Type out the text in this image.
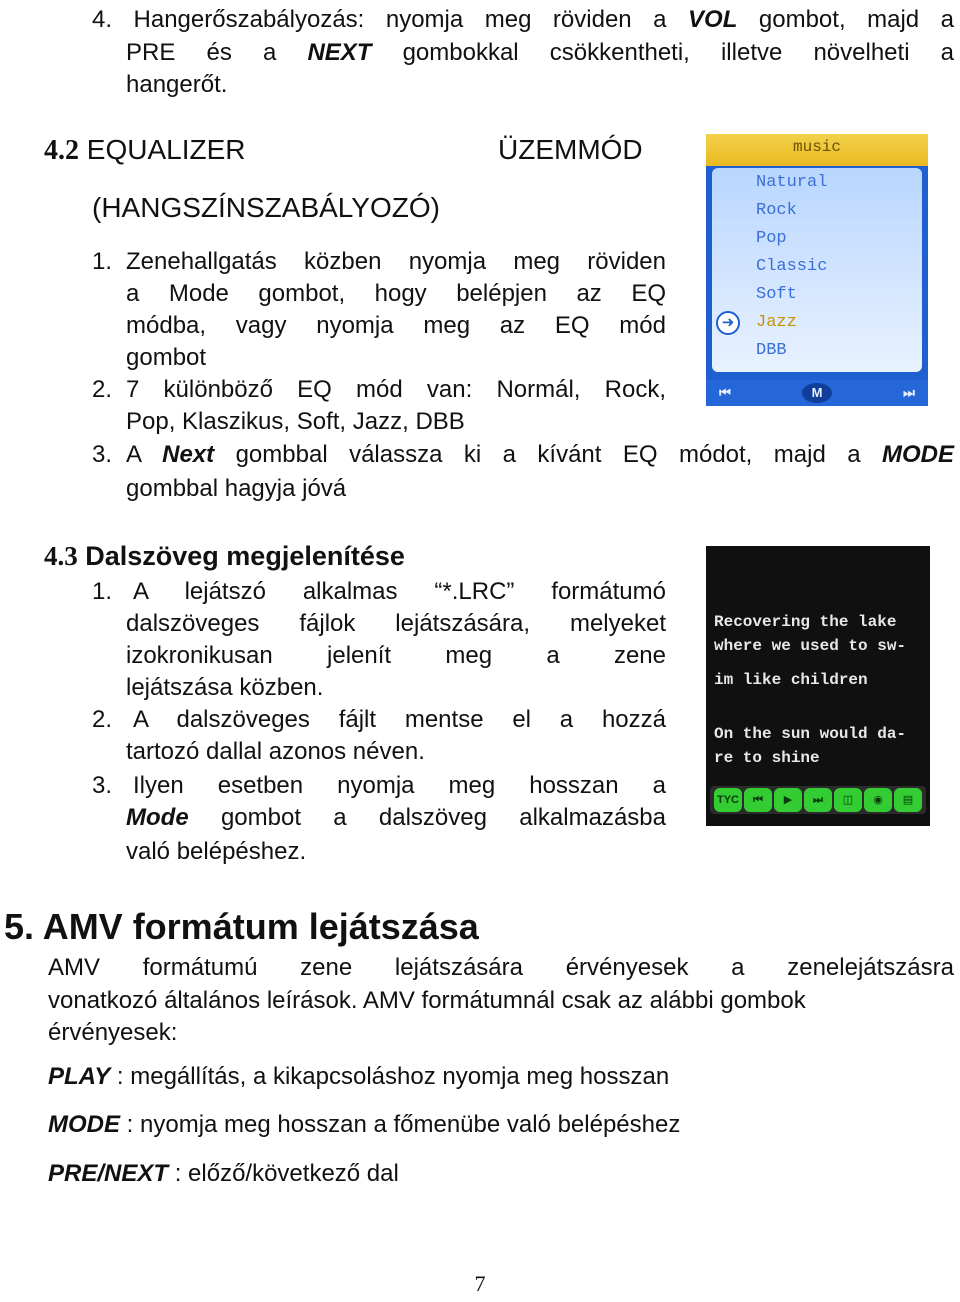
4. Hangerőszabályozás: nyomja meg röviden a VOL gombot, majd a
PRE és a NEXT gombokkal csökkentheti, illetve növelheti a
hangerőt.
4.2 EQUALIZER	ÜZEMMÓD
(HANGSZÍNSZABÁLYOZÓ)
1. Zenehallgatás közben nyomja meg röviden
a Mode gombot, hogy belépjen az EQ
módba, vagy nyomja meg az EQ mód
gombot
2. 7 különböző EQ mód van: Normál, Rock,
Pop, Klaszikus, Soft, Jazz, DBB
3. A Next gombbal válassza ki a kívánt EQ módot, majd a MODE
gombbal hagyja jóvá
music
Natural
Rock
Pop
Classic
Soft
➜	Jazz
DBB
⏮	M	⏭
4.3 Dalszöveg megjelenítése
1. A lejátszó alkalmas “*.LRC” formátumó
dalszöveges fájlok lejátszására, melyeket
izokronikusan jelenít meg a zene
lejátszása közben.
2. A dalszöveges fájlt mentse el a hozzá
tartozó dallal azonos néven.
3. Ilyen esetben nyomja meg hosszan a
Mode gombot a dalszöveg alkalmazásba
való belépéshez.
Recovering the lake
where we used to sw-
im like children
On the sun would da-
re to shine
TYC	⏮	▶	⏭	◫	◉	▤
5. AMV formátum lejátszása
AMV formátumú zene lejátszására érvényesek a zenelejátszásra
vonatkozó általános leírások. AMV formátumnál csak az alábbi gombok
érvényesek:
PLAY : megállítás, a kikapcsoláshoz nyomja meg hosszan
MODE : nyomja meg hosszan a főmenübe való belépéshez
PRE/NEXT : előző/következő dal
7
